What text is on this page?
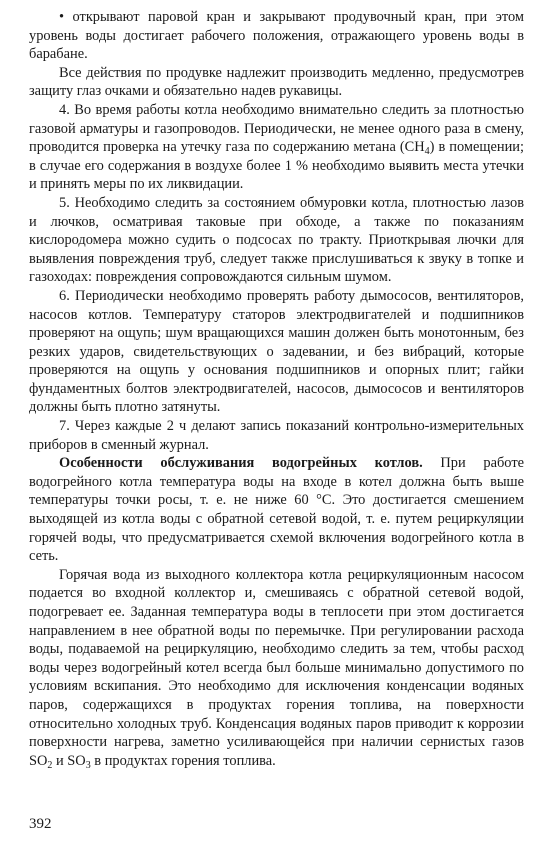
• открывают паровой кран и закрывают продувочный кран, при этом уровень воды достигает рабочего положения, отражающего уровень воды в барабане.

Все действия по продувке надлежит производить медленно, предусмотрев защиту глаз очками и обязательно надев рукавицы.

4. Во время работы котла необходимо внимательно следить за плотностью газовой арматуры и газопроводов. Периодически, не менее одного раза в смену, проводится проверка на утечку газа по содержанию метана $(CH_4)$ в помещении; в случае его содержания в воздухе более 1 % необходимо выявить места утечки и принять меры по их ликвидации.

5. Необходимо следить за состоянием обмуровки котла, плотностью лазов и лючков, осматривая таковые при обходе, а также по показаниям кислородомера можно судить о подсосах по тракту. Приоткрывая лючки для выявления повреждения труб, следует также прислушиваться к звуку в топке и газоходах: повреждения сопровождаются сильным шумом.

6. Периодически необходимо проверять работу дымососов, вентиляторов, насосов котлов. Температуру статоров электродвигателей и подшипников проверяют на ощупь; шум вращающихся машин должен быть монотонным, без резких ударов, свидетельствующих о задевании, и без вибраций, которые проверяются на ощупь у основания подшипников и опорных плит; гайки фундаментных болтов электродвигателей, насосов, дымососов и вентиляторов должны быть плотно затянуты.

7. Через каждые 2 ч делают запись показаний контрольно-измерительных приборов в сменный журнал.

Особенности обслуживания водогрейных котлов. При работе водогрейного котла температура воды на входе в котел должна быть выше температуры точки росы, т. е. не ниже 60 °С. Это достигается смешением выходящей из котла воды с обратной сетевой водой, т. е. путем рециркуляции горячей воды, что предусматривается схемой включения водогрейного котла в сеть.

Горячая вода из выходного коллектора котла рециркуляционным насосом подается во входной коллектор и, смешиваясь с обратной сетевой водой, подогревает ее. Заданная температура воды в теплосети при этом достигается направлением в нее обратной воды по перемычке. При регулировании расхода воды, подаваемой на рециркуляцию, необходимо следить за тем, чтобы расход воды через водогрейный котел всегда был больше минимально допустимого по условиям вскипания. Это необходимо для исключения конденсации водяных паров, содержащихся в продуктах горения топлива, на поверхности относительно холодных труб. Конденсация водяных паров приводит к коррозии поверхности нагрева, заметно усиливающейся при наличии сернистых газов $SO_2$ и $SO_3$ в продуктах горения топлива.

392
